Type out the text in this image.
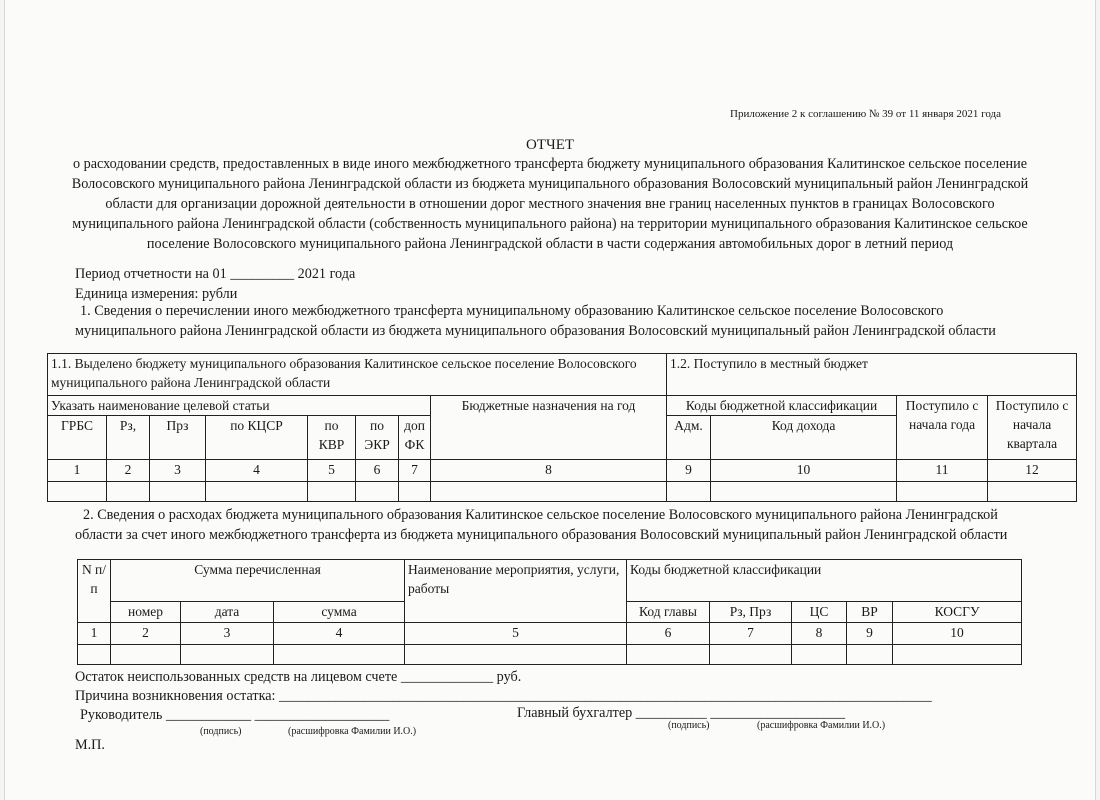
Приложение 2 к соглашению № 39 от 11 января 2021 года
ОТЧЕТ
о расходовании средств, предоставленных в виде иного межбюджетного трансферта бюджету муниципального образования Калитинское сельское поселение Волосовского муниципального района Ленинградской области из бюджета муниципального образования Волосовский муниципальный район Ленинградской области для организации дорожной деятельности в отношении дорог местного значения вне границ населенных пунктов в границах Волосовского муниципального района Ленинградской области (собственность муниципального района) на территории муниципального образования Калитинское сельское поселение Волосовского муниципального района Ленинградской области в части содержания автомобильных дорог в летний период
Период отчетности на 01 _________ 2021 года
Единица измерения: рубли
1. Сведения о перечислении иного межбюджетного трансферта муниципальному образованию Калитинское сельское поселение Волосовского муниципального района Ленинградской области из бюджета муниципального образования Волосовский муниципальный район Ленинградской области
1.1. Выделено бюджету муниципального образования Калитинское сельское поселение Волосовского муниципального района Ленинградской области								1.2. Поступило в местный бюджет			
Указать наименование целевой статьи							Бюджетные назначения на год	Коды бюджетной классификации		Поступило с начала года	Поступило с начала квартала
ГРБС	Рз,	Прз	по КЦСР	по КВР	по ЭКР	доп ФК		Адм.	Код дохода		

1	2	3	4	5	6	7	8	9	10	11	12

2. Сведения о расходах бюджета муниципального образования Калитинское сельское поселение Волосовского муниципального района Ленинградской области за счет иного межбюджетного трансферта из бюджета муниципального образования Волосовский муниципальный район Ленинградской области
N п/п	Сумма перечисленная			Наименование мероприятия, услуги, работы	Коды бюджетной классификации				
	номер	дата	сумма		Код главы	Рз, Прз	ЦС	ВР	КОСГУ
1	2	3	4	5	6	7	8	9	10

Остаток неиспользованных средств на лицевом счете _____________ руб.
Причина возникновения остатка: ____________________________________________________________________________________________
Руководитель ____________ ___________________	Главный бухгалтер __________ ___________________
(подпись)	(расшифровка Фамилии И.О.)
(подпись)	(расшифровка Фамилии И.О.)
М.П.
